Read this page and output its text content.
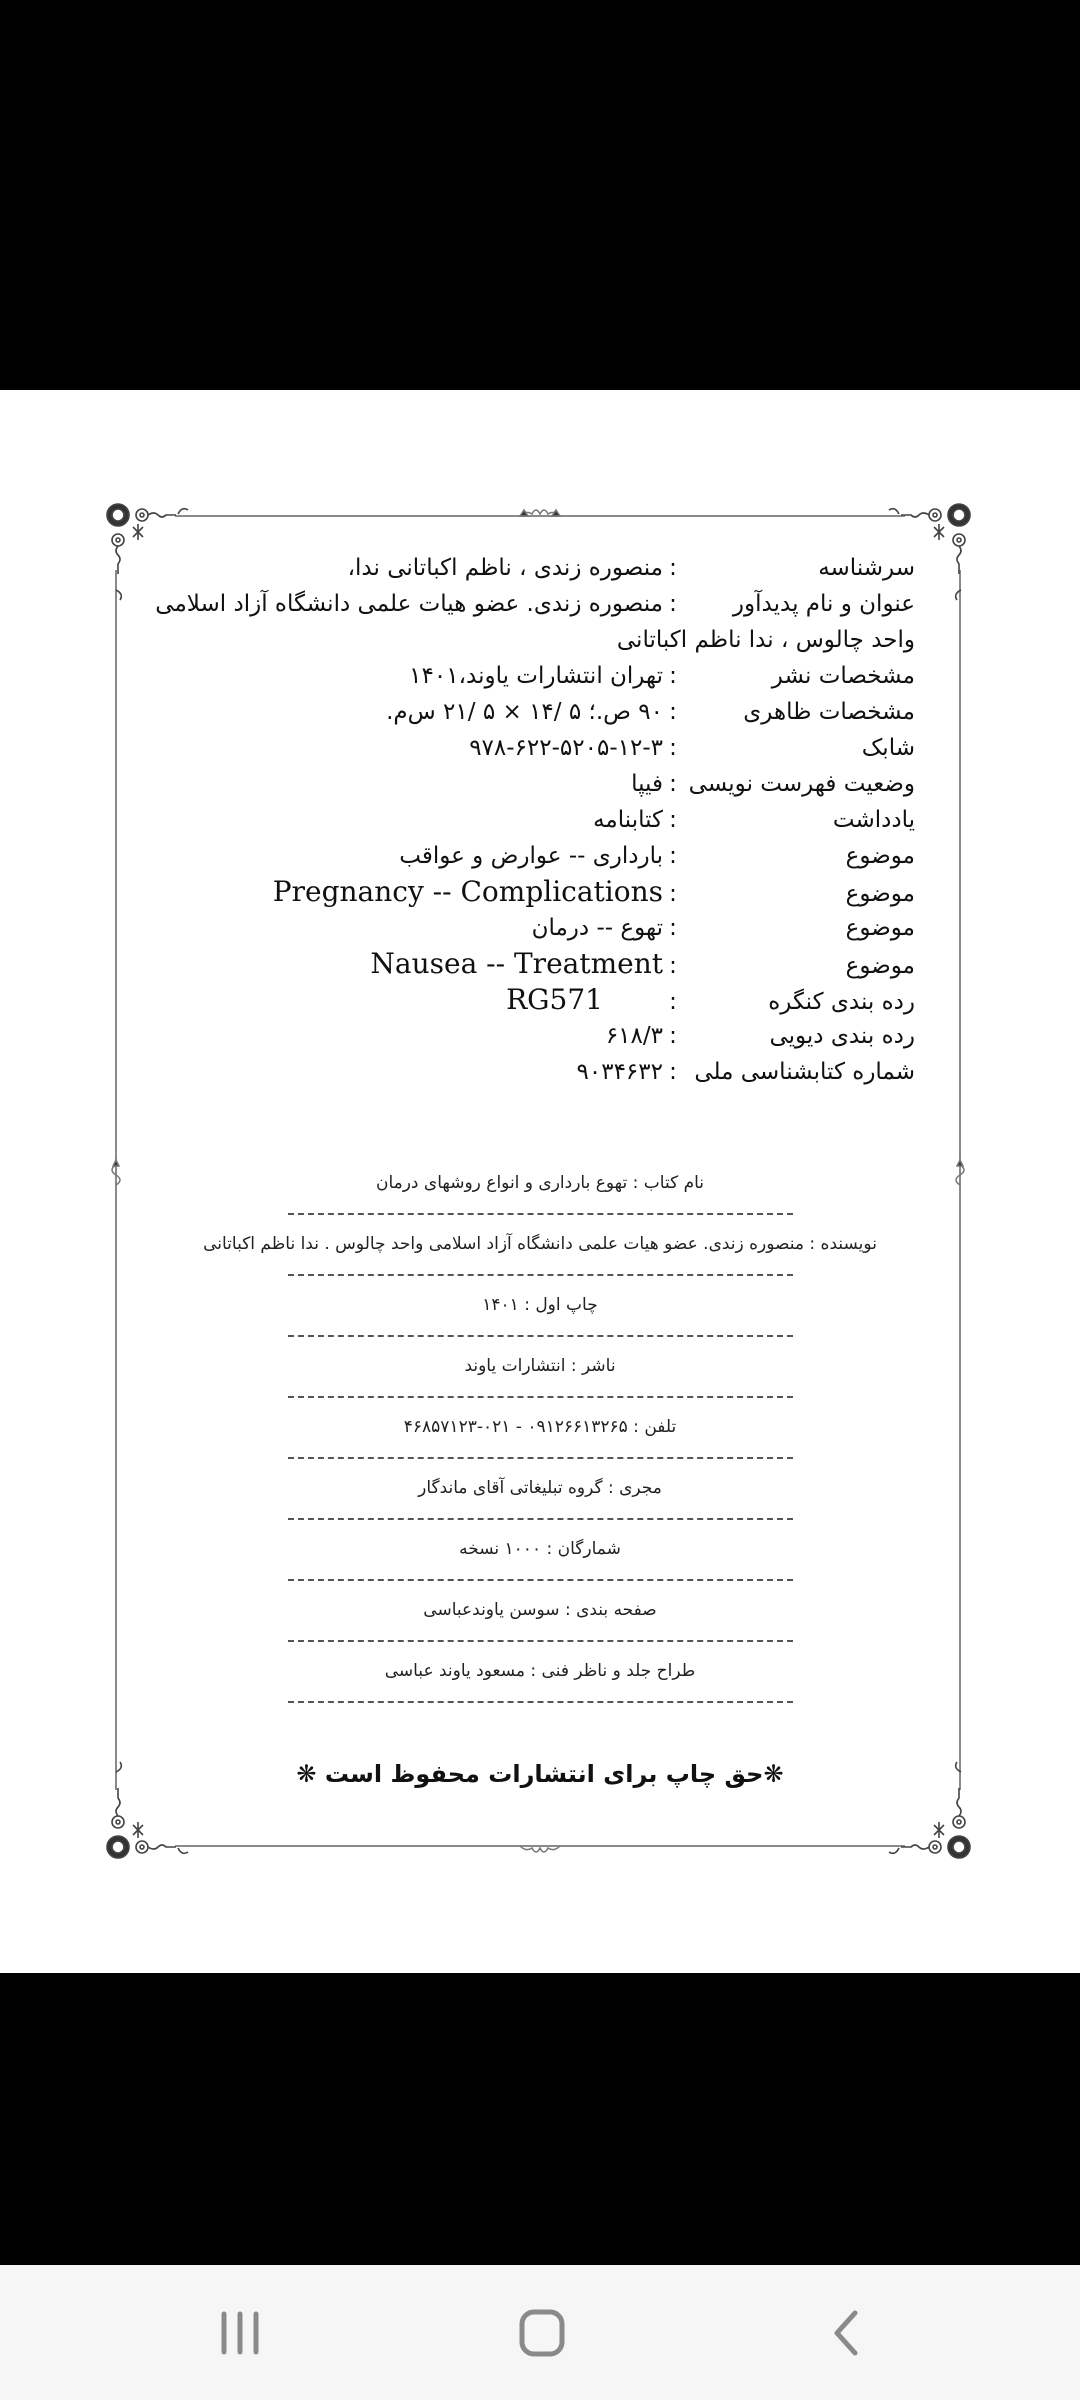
سرشناسه
:
منصوره زندی ، ناظم اکباتانی ندا،
عنوان و نام پدیدآور
:
منصوره زندی. عضو هیات علمی دانشگاه آزاد اسلامی
واحد چالوس ، ندا ناظم اکباتانی
مشخصات نشر
:
تهران انتشارات یاوند،۱۴۰۱
مشخصات ظاهری
:
۹۰ ص.؛ ۵ /۱۴ × ۵ /۲۱ س‌م.
شابک
:
۹۷۸-۶۲۲-۵۲۰۵-۱۲-۳
وضعیت فهرست نویسی
:
فیپا
یادداشت
:
کتابنامه
موضوع
:
بارداری -- عوارض و عواقب
موضوع
:
Pregnancy -- Complications
موضوع
:
تهوع -- درمان
موضوع
:
Nausea -- Treatment
رده بندی کنگره
:
RG571
رده بندی دیویی
:
۶۱۸/۳
شماره کتابشناسی ملی
:
۹۰۳۴۶۳۲
نام کتاب : تهوع بارداری و انواع روشهای درمان
نویسنده : منصوره زندی. عضو هیات علمی دانشگاه آزاد اسلامی واحد چالوس . ندا ناظم اکباتانی
چاپ اول : ۱۴۰۱
ناشر : انتشارات یاوند
تلفن : ۰۹۱۲۶۶۱۳۲۶۵ - ۰۲۱-۴۶۸۵۷۱۲۳
مجری : گروه تبلیغاتی آقای ماندگار
شمارگان : ۱۰۰۰ نسخه
صفحه بندی : سوسن یاوندعباسی
طراح جلد و ناظر فنی : مسعود یاوند عباسی
❋حق چاپ برای انتشارات محفوظ است ❋
